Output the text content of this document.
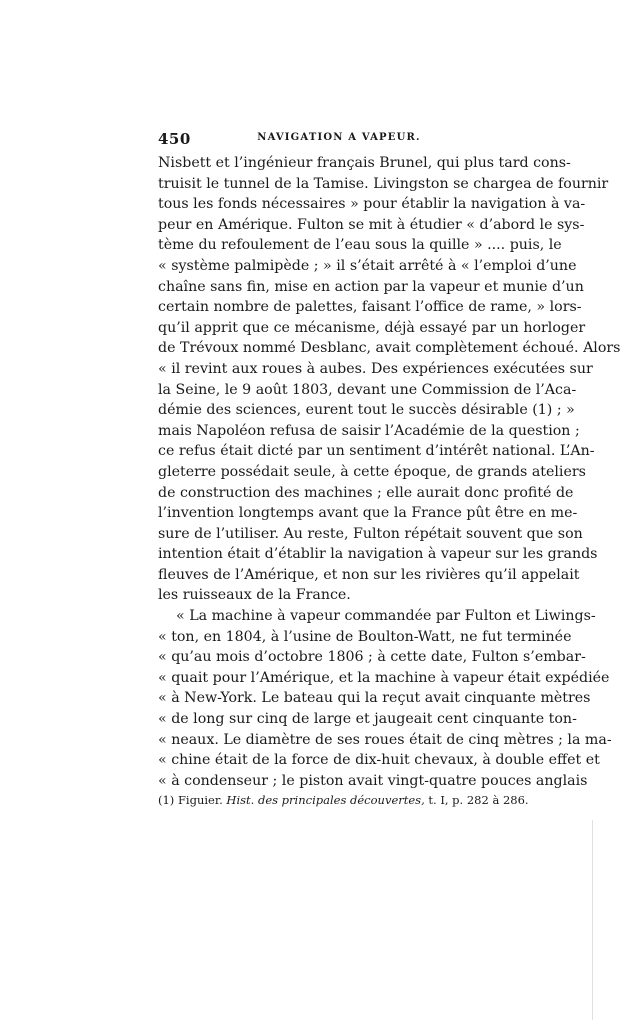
450	NAVIGATION A VAPEUR.
Nisbett et l’ingénieur français Brunel, qui plus tard cons-
truisit le tunnel de la Tamise. Livingston se chargea de fournir
tous les fonds nécessaires » pour établir la navigation à va-
peur en Amérique. Fulton se mit à étudier « d’abord le sys-
tème du refoulement de l’eau sous la quille » .... puis, le
« système palmipède ; » il s’était arrêté à « l’emploi d’une
chaîne sans fin, mise en action par la vapeur et munie d’un
certain nombre de palettes, faisant l’office de rame, » lors-
qu’il apprit que ce mécanisme, déjà essayé par un horloger
de Trévoux nommé Desblanc, avait complètement échoué. Alors
« il revint aux roues à aubes. Des expériences exécutées sur
la Seine, le 9 août 1803, devant une Commission de l’Aca-
démie des sciences, eurent tout le succès désirable (1) ; »
mais Napoléon refusa de saisir l’Académie de la question ;
ce refus était dicté par un sentiment d’intérêt national. L’An-
gleterre possédait seule, à cette époque, de grands ateliers
de construction des machines ; elle aurait donc profité de
l’invention longtemps avant que la France pût être en me-
sure de l’utiliser. Au reste, Fulton répétait souvent que son
intention était d’établir la navigation à vapeur sur les grands
fleuves de l’Amérique, et non sur les rivières qu’il appelait
les ruisseaux de la France.
« La machine à vapeur commandée par Fulton et Liwings-
« ton, en 1804, à l’usine de Boulton-Watt, ne fut terminée
« qu’au mois d’octobre 1806 ; à cette date, Fulton s’embar-
« quait pour l’Amérique, et la machine à vapeur était expédiée
« à New-York. Le bateau qui la reçut avait cinquante mètres
« de long sur cinq de large et jaugeait cent cinquante ton-
« neaux. Le diamètre de ses roues était de cinq mètres ; la ma-
« chine était de la force de dix-huit chevaux, à double effet et
« à condenseur ; le piston avait vingt-quatre pouces anglais
(1) Figuier. Hist. des principales découvertes, t. I, p. 282 à 286.
